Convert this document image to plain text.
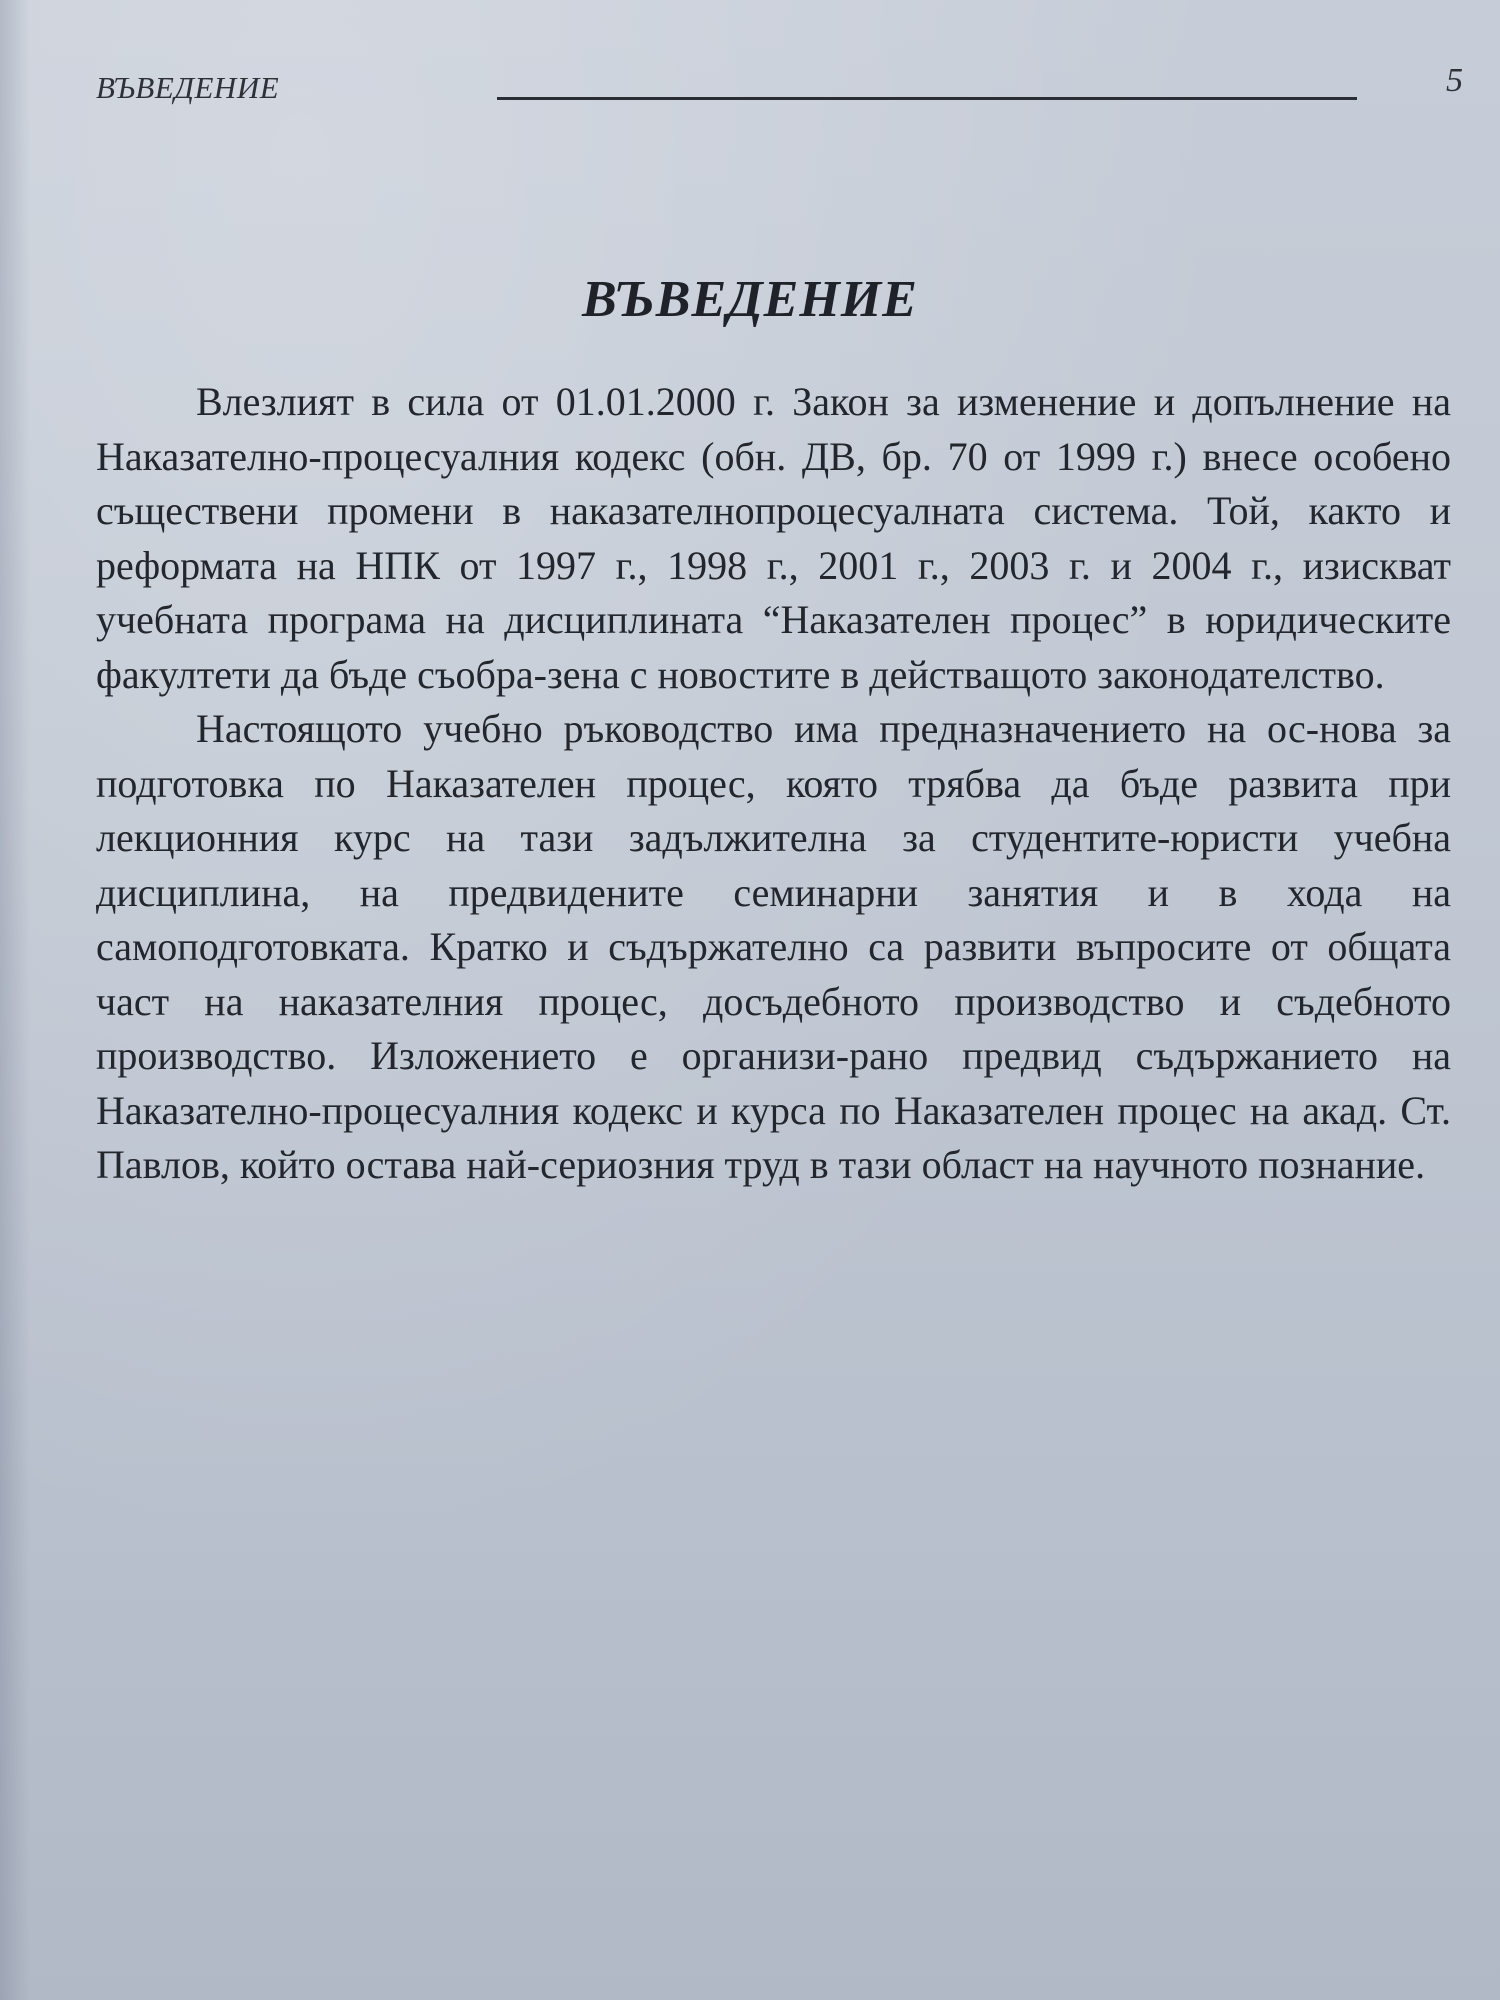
ВЪВЕДЕНИЕ	5
ВЪВЕДЕНИЕ

Влезлият в сила от 01.01.2000 г. Закон за изменение и допълнение на Наказателно-процесуалния кодекс (обн. ДВ, бр. 70 от 1999 г.) внесе особено съществени промени в наказателнопроцесуалната система. Той, както и реформата на НПК от 1997 г., 1998 г., 2001 г., 2003 г. и 2004 г., изискват учебната програма на дисциплината “Наказателен процес” в юридическите факултети да бъде съобра-зена с новостите в действащото законодателство.

Настоящото учебно ръководство има предназначението на ос-нова за подготовка по Наказателен процес, която трябва да бъде развита при лекционния курс на тази задължителна за студентите-юристи учебна дисциплина, на предвидените семинарни занятия и в хода на самоподготовката. Кратко и съдържателно са развити въпросите от общата част на наказателния процес, досъдебното производство и съдебното производство. Изложението е организи-рано предвид съдържанието на Наказателно-процесуалния кодекс и курса по Наказателен процес на акад. Ст. Павлов, който остава най-сериозния труд в тази област на научното познание.
